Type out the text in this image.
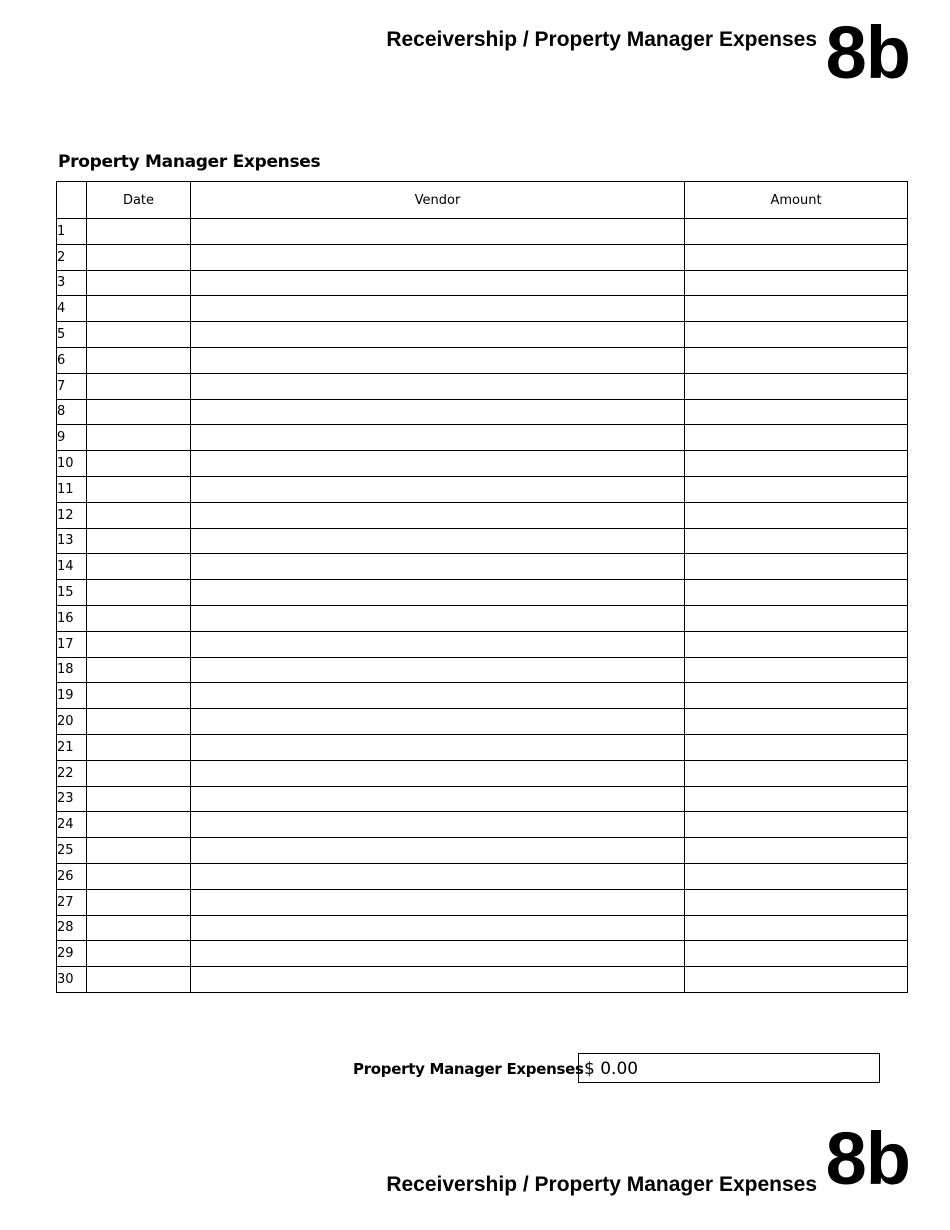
Receivership / Property Manager Expenses 8b
Property Manager Expenses
	Date	Vendor	Amount
1			
2			
3			
4			
5			
6			
7			
8			
9			
10			
11			
12			
13			
14			
15			
16			
17			
18			
19			
20			
21			
22			
23			
24			
25			
26			
27			
28			
29			
30			
Property Manager Expenses $ 0.00
8b
Receivership / Property Manager Expenses
